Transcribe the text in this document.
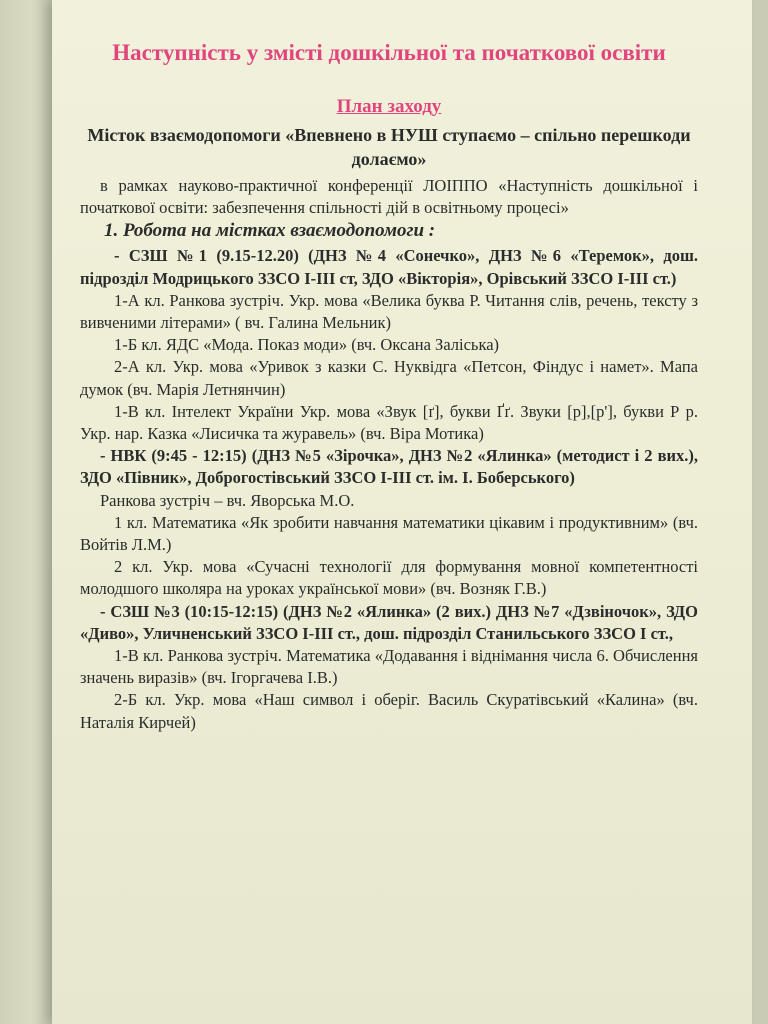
Наступність у змісті дошкільної та початкової освіти
План заходу
Місток взаємодопомоги «Впевнено в НУШ ступаємо – спільно перешкоди долаємо»

в рамках науково-практичної конференції ЛОІППО «Наступність дошкільної і початкової освіти: забезпечення спільності дій в освітньому процесі»

1. Робота на містках взаємодопомоги :

- СЗШ №1 (9.15-12.20) (ДНЗ №4 «Сонечко», ДНЗ №6 «Теремок», дош. підрозділ Модрицького ЗЗСО І-ІІІ ст, ЗДО «Вікторія», Орівський ЗЗСО І-ІІІ ст.)

1-А кл. Ранкова зустріч. Укр. мова «Велика буква Р. Читання слів, речень, тексту з вивченими літерами» ( вч. Галина Мельник)

1-Б кл. ЯДС «Мода. Показ моди» (вч. Оксана Заліська)

2-А кл. Укр. мова «Уривок з казки С. Нуквідга «Петсон, Фіндус і намет». Мапа думок (вч. Марія Летнянчин)

1-В кл. Інтелект України Укр. мова «Звук [ґ], букви Ґґ. Звуки [р],[р'], букви Р р. Укр. нар. Казка «Лисичка та журавель» (вч. Віра Мотика)

- НВК (9:45 - 12:15) (ДНЗ №5 «Зірочка», ДНЗ №2 «Ялинка» (методист і 2 вих.), ЗДО «Півник», Доброгостівський ЗЗСО І-ІІІ ст. ім. І. Боберського)

Ранкова зустріч – вч. Яворська М.О.

1 кл. Математика «Як зробити навчання математики цікавим і продуктивним» (вч. Войтів Л.М.)

2 кл. Укр. мова «Сучасні технології для формування мовної компетентності молодшого школяра на уроках української мови» (вч. Возняк Г.В.)

- СЗШ №3 (10:15-12:15) (ДНЗ №2 «Ялинка» (2 вих.) ДНЗ №7 «Дзвіночок», ЗДО «Диво», Уличненський ЗЗСО І-ІІІ ст., дош. підрозділ Станильського ЗЗСО І ст.,

1-В кл. Ранкова зустріч. Математика «Додавання і віднімання числа 6. Обчислення значень виразів» (вч. Ігоргачева І.В.)

2-Б кл. Укр. мова «Наш символ і оберіг. Василь Скуратівський «Калина» (вч. Наталія Кирчей)
